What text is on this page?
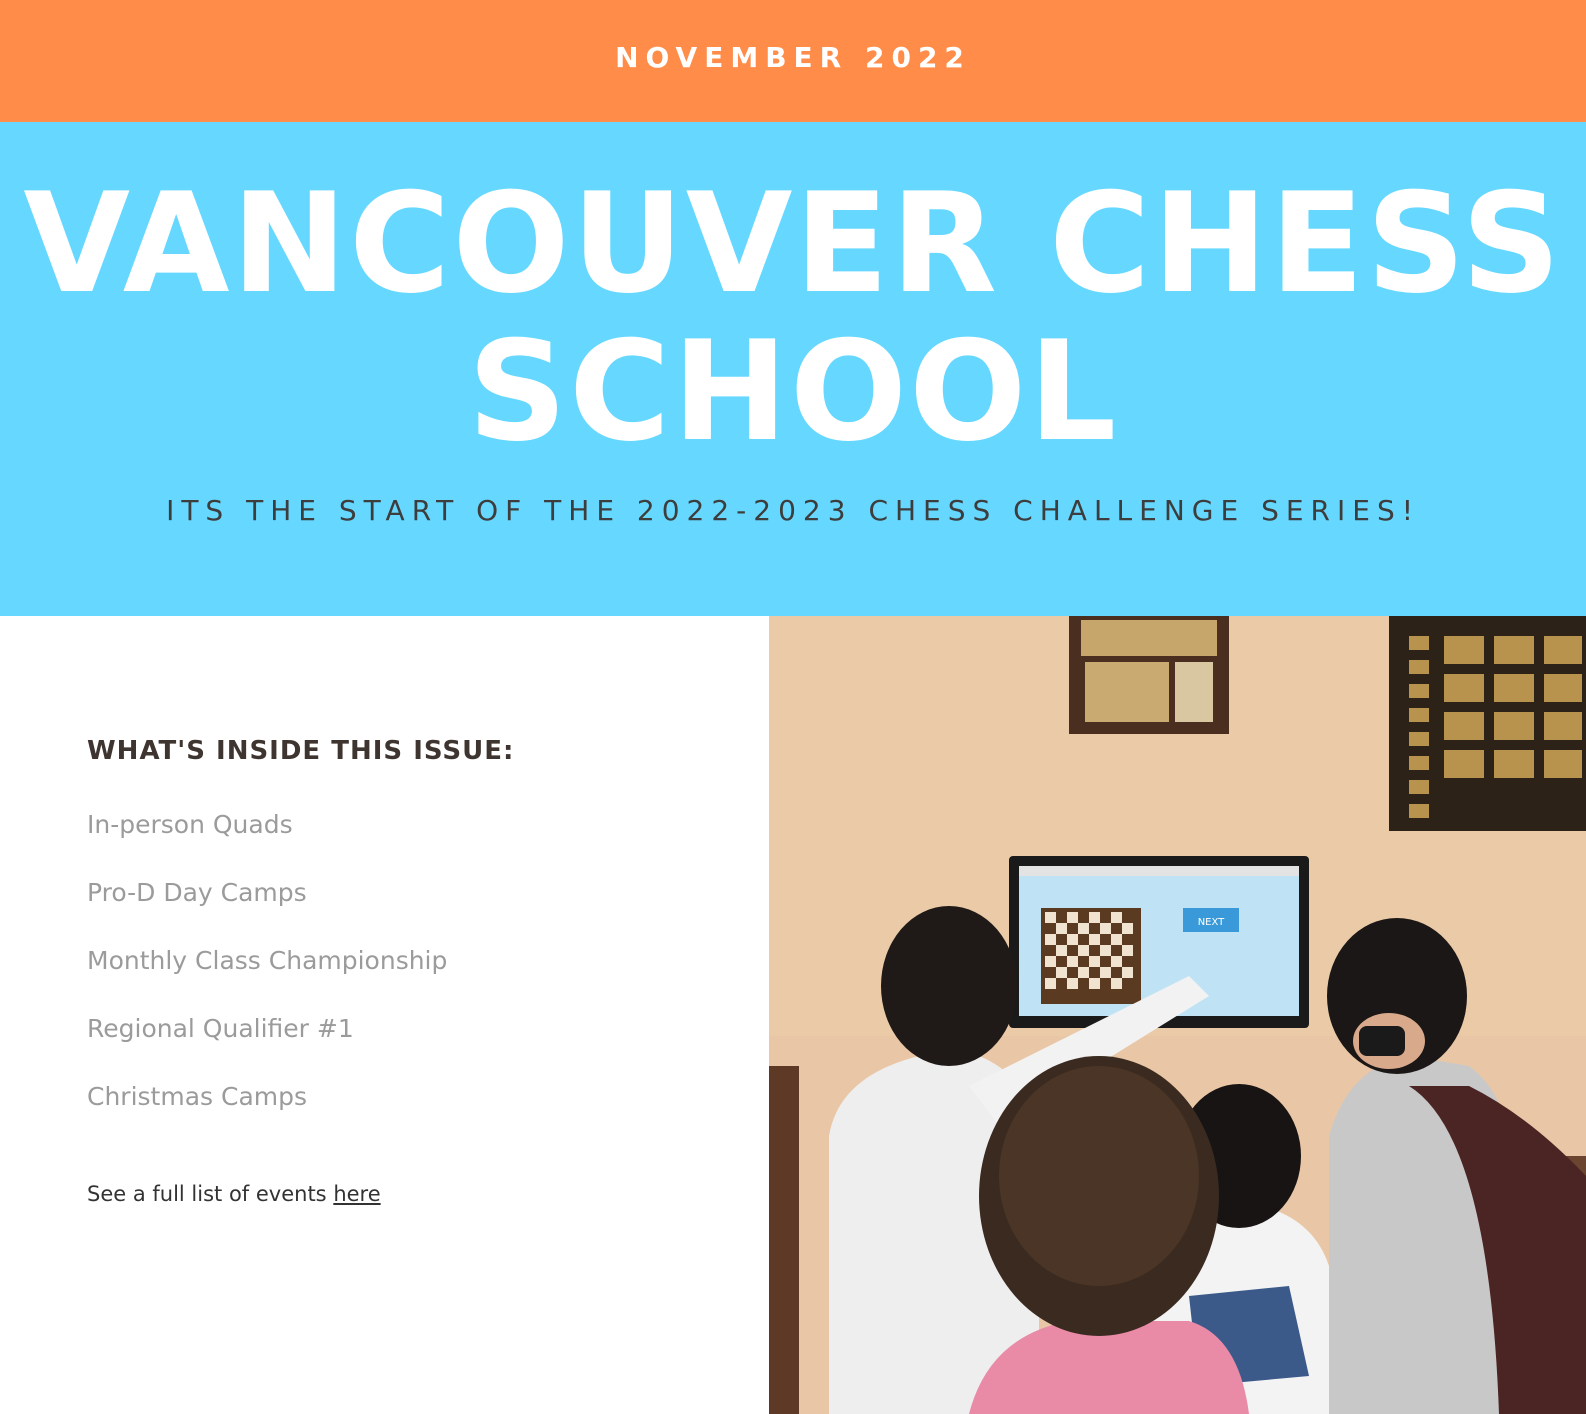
NOVEMBER 2022
VANCOUVER CHESS
SCHOOL
ITS THE START OF THE 2022-2023 CHESS CHALLENGE SERIES!
WHAT'S INSIDE THIS ISSUE:
In-person Quads
Pro-D Day Camps
Monthly Class Championship
Regional Qualifier #1
Christmas Camps
See a full list of events here
NEXT
